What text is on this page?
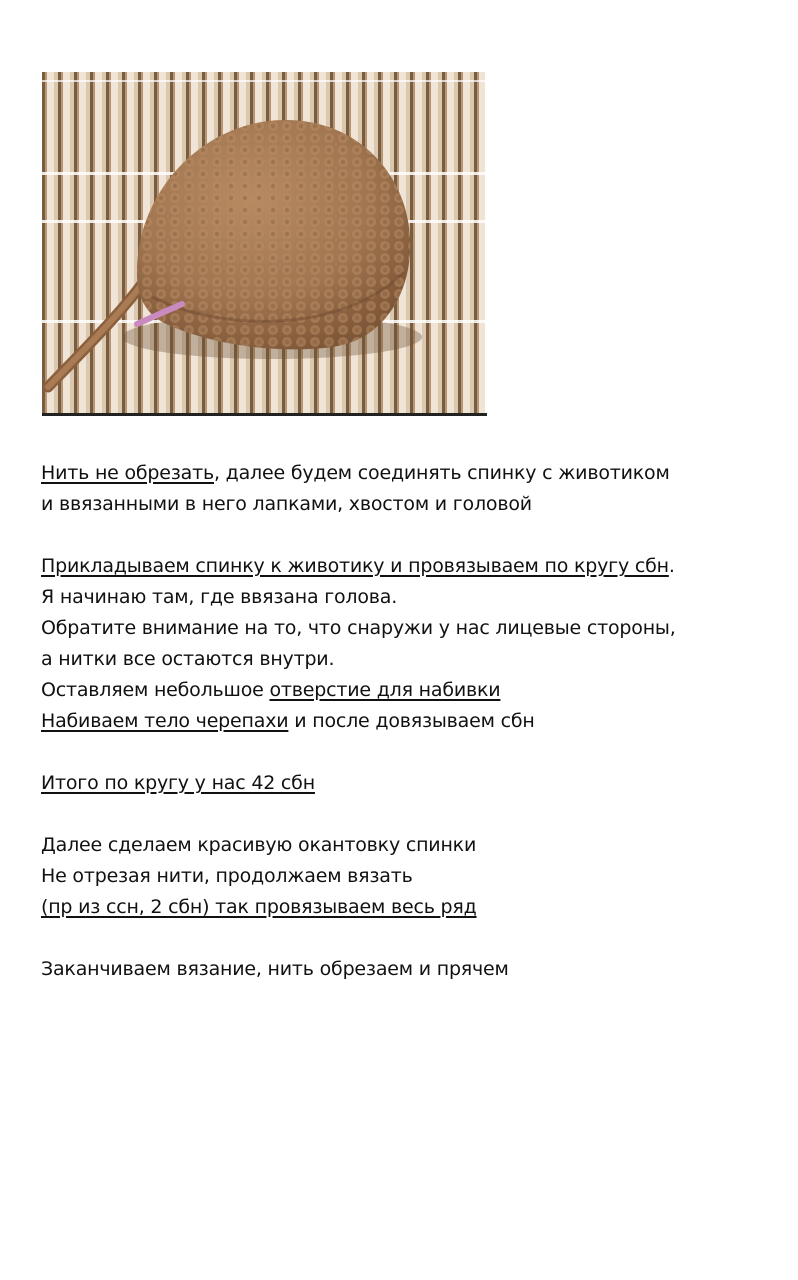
Нить не обрезать, далее будем соединять спинку с животиком
и ввязанными в него лапками, хвостом и головой
Прикладываем спинку к животику и провязываем по кругу сбн.
Я начинаю там, где ввязана голова.
Обратите внимание на то, что снаружи у нас лицевые стороны,
а нитки все остаются внутри.
Оставляем небольшое отверстие для набивки
Набиваем тело черепахи и после довязываем сбн
Итого по кругу у нас 42 сбн
Далее сделаем красивую окантовку спинки
Не отрезая нити, продолжаем вязать
(пр из ссн, 2 сбн) так провязываем весь ряд
Заканчиваем вязание, нить обрезаем и прячем
